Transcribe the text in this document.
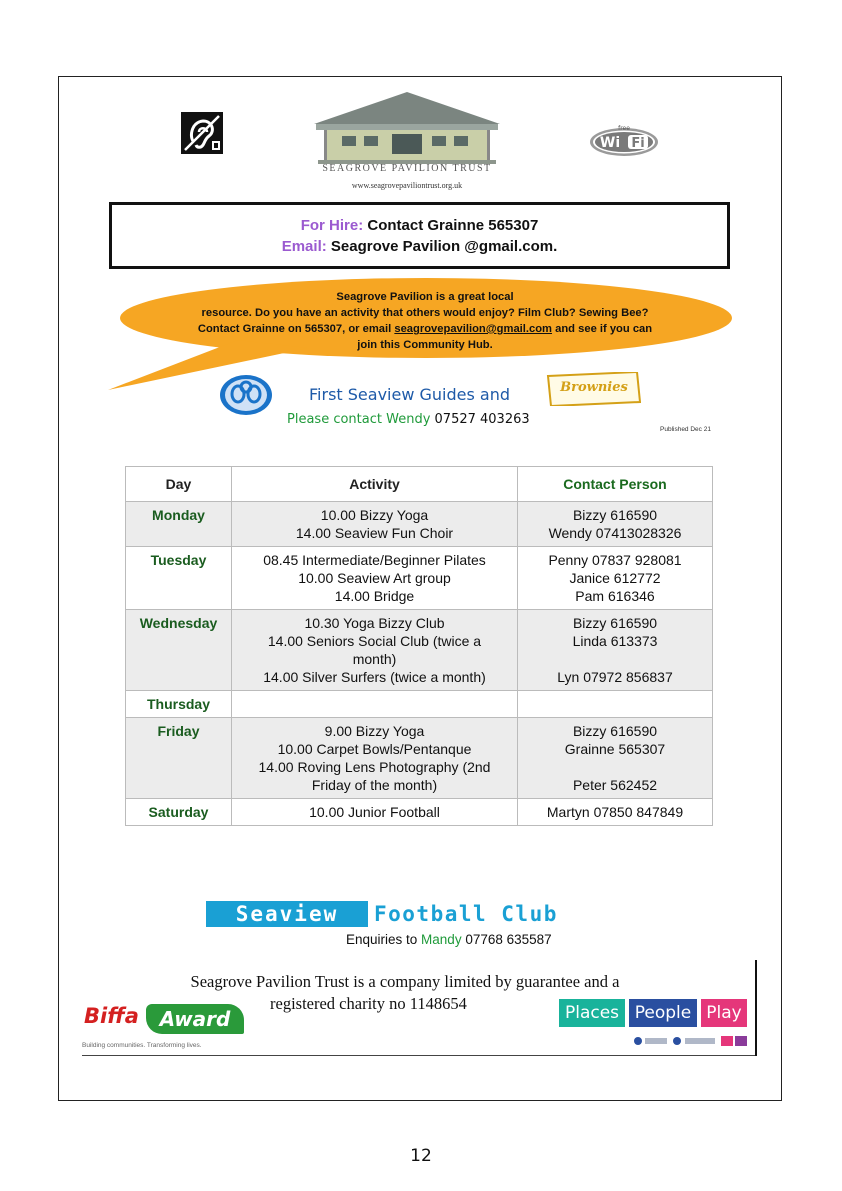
SEAGROVE PAVILION TRUST
www.seagrovepaviliontrust.org.uk
free
Wi Fi
For Hire: Contact Grainne 565307
Email: Seagrove Pavilion @gmail.com.
Seagrove Pavilion is a great local
resource. Do you have an activity that others would enjoy? Film Club? Sewing Bee?
Contact Grainne on 565307, or email seagrovepavilion@gmail.com and see if you can
join this Community Hub.
First Seaview Guides and	Brownies
Please contact Wendy 07527 403263
Published Dec 21
Day	Activity	Contact Person
Monday	10.00 Bizzy Yoga
14.00 Seaview Fun Choir	Bizzy 616590
Wendy 07413028326
Tuesday	08.45 Intermediate/Beginner Pilates
10.00 Seaview Art group
14.00 Bridge	Penny 07837 928081
Janice 612772
Pam 616346
Wednesday	10.30 Yoga Bizzy Club
14.00 Seniors Social Club (twice a
month)
14.00 Silver Surfers (twice a month)	Bizzy 616590
Linda 613373

Lyn 07972 856837
Thursday		
Friday	9.00 Bizzy Yoga
10.00 Carpet Bowls/Pentanque
14.00 Roving Lens Photography (2nd
Friday of the month)	Bizzy 616590
Grainne 565307

Peter 562452
Saturday	10.00 Junior Football	Martyn 07850 847849
Seaview	Football Club
Enquiries to Mandy 07768 635587
Seagrove Pavilion Trust is a company limited by guarantee and a
registered charity no 1148654
Biffa	Award
Building communities. Transforming lives.
Places People Play
12
